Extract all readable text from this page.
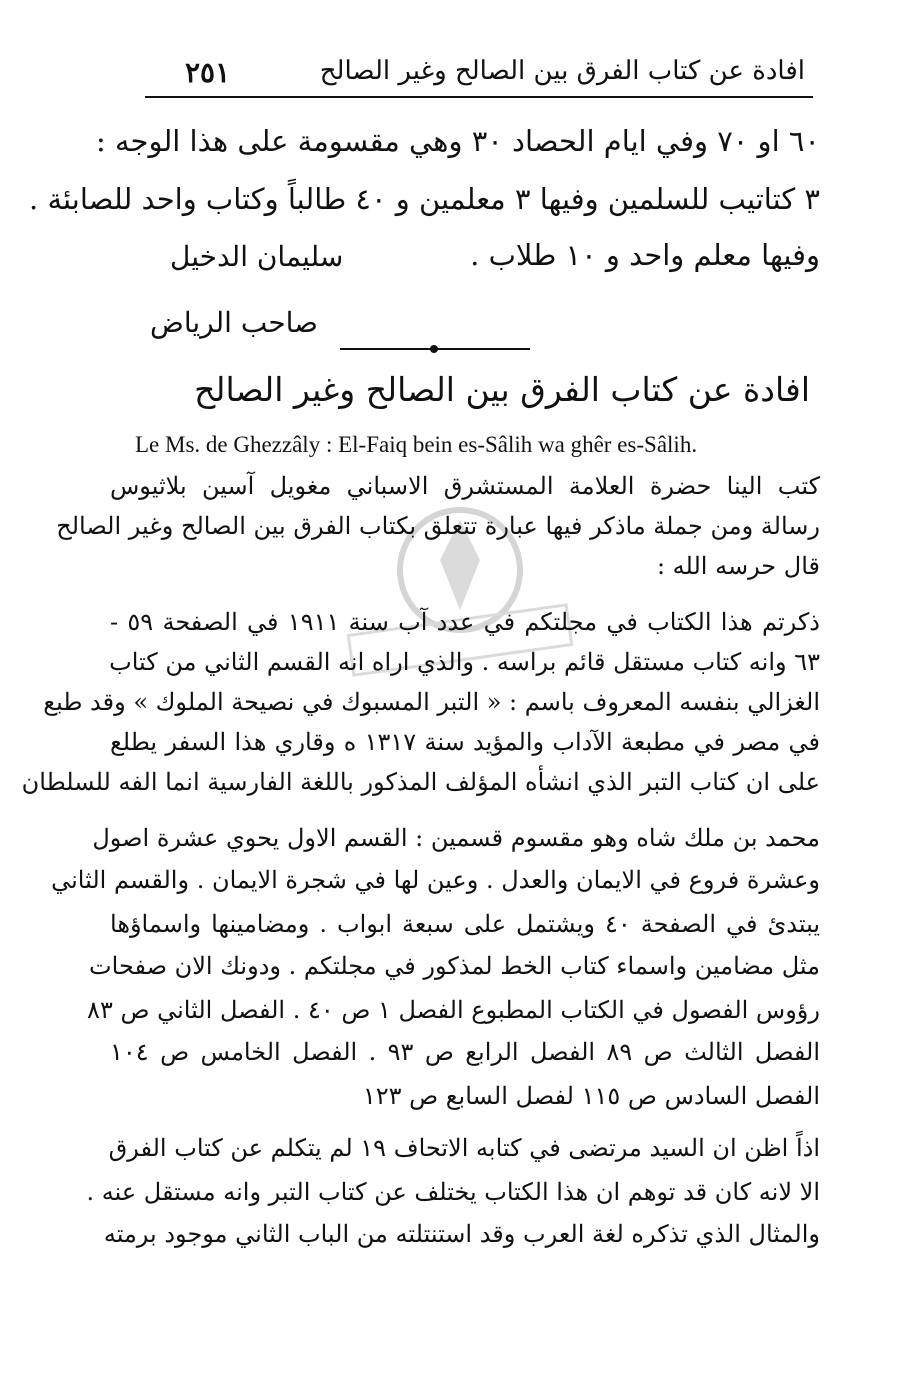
٢٥١	افادة عن كتاب الفرق بين الصالح وغير الصالح
٦٠ او ٧٠ وفي ايام الحصاد ٣٠ وهي مقسومة على هذا الوجه :
٣ كتاتيب للسلمين وفيها ٣ معلمين و ٤٠ طالباً وكتاب واحد للصابئة .
وفيها معلم واحد و ١٠ طلاب .
سليمان الدخيل
صاحب الرياض
افادة عن كتاب الفرق بين الصالح وغير الصالح
Le Ms. de Ghezzâly : El-Faiq bein es-Sâlih wa ghêr es-Sâlih.
كتب الينا حضرة العلامة المستشرق الاسباني مغويل آسين بلاثيوس
رسالة ومن جملة ماذكر فيها عبارة تتعلق بكتاب الفرق بين الصالح وغير الصالح
قال حرسه الله :
ذكرتم هذا الكتاب في مجلتكم في عدد آب سنة ١٩١١ في الصفحة ٥٩ -
٦٣ وانه كتاب مستقل قائم براسه . والذي اراه انه القسم الثاني من كتاب
الغزالي بنفسه المعروف باسم : « التبر المسبوك في نصيحة الملوك » وقد طبع
في مصر في مطبعة الآداب والمؤيد سنة ١٣١٧ ه وقاري هذا السفر يطلع
على ان كتاب التبر الذي انشأه المؤلف المذكور باللغة الفارسية انما الفه للسلطان
محمد بن ملك شاه وهو مقسوم قسمين : القسم الاول يحوي عشرة اصول
وعشرة فروع في الايمان والعدل . وعين لها في شجرة الايمان . والقسم الثاني
يبتدئ في الصفحة ٤٠ ويشتمل على سبعة ابواب . ومضامينها واسماؤها
مثل مضامين واسماء كتاب الخط لمذكور في مجلتكم . ودونك الان صفحات
رؤوس الفصول في الكتاب المطبوع الفصل ١ ص ٤٠ . الفصل الثاني ص ٨٣
الفصل الثالث ص ٨٩ الفصل الرابع ص ٩٣ . الفصل الخامس ص ١٠٤
الفصل السادس ص ١١٥ لفصل السابع ص ١٢٣
اذاً اظن ان السيد مرتضى في كتابه الاتحاف ١٩ لم يتكلم عن كتاب الفرق
الا لانه كان قد توهم ان هذا الكتاب يختلف عن كتاب التبر وانه مستقل عنه .
والمثال الذي تذكره لغة العرب وقد استنتلته من الباب الثاني موجود برمته
